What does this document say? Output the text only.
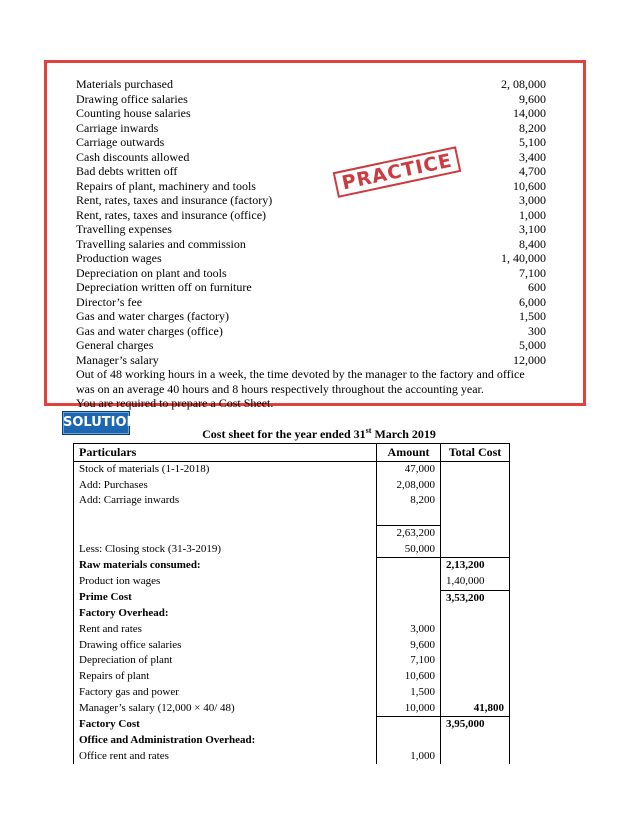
Materials purchased	2, 08,000
Drawing office salaries	9,600
Counting house salaries	14,000
Carriage inwards	8,200
Carriage outwards	5,100
Cash discounts allowed	3,400
Bad debts written off	4,700
Repairs of plant, machinery and tools	10,600
Rent, rates, taxes and insurance (factory)	3,000
Rent, rates, taxes and insurance (office)	1,000
Travelling expenses	3,100
Travelling salaries and commission	8,400
Production wages	1, 40,000
Depreciation on plant and tools	7,100
Depreciation written off on furniture	600
Director’s fee	6,000
Gas and water charges (factory)	1,500
Gas and water charges (office)	300
General charges	5,000
Manager’s salary	12,000
Out of 48 working hours in a week, the time devoted by the manager to the factory and office
was on an average 40 hours and 8 hours respectively throughout the accounting year.
You are required to prepare a Cost Sheet.
PRACTICE
SOLUTION
Cost sheet for the year ended 31st March 2019
Particulars	Amount	Total Cost
Stock of materials (1-1-2018)	47,000	
Add: Purchases	2,08,000	
Add: Carriage inwards	8,200	

	2,63,200	
Less: Closing stock (31-3-2019)	50,000	
Raw materials consumed:		2,13,200
Product ion wages		1,40,000
Prime Cost		3,53,200
Factory Overhead:		
Rent and rates	3,000	
Drawing office salaries	9,600	
Depreciation of plant	7,100	
Repairs of plant	10,600	
Factory gas and power	1,500	
Manager’s salary (12,000 × 40/ 48)	10,000	41,800
Factory Cost		3,95,000
Office and Administration Overhead:		
Office rent and rates	1,000	
